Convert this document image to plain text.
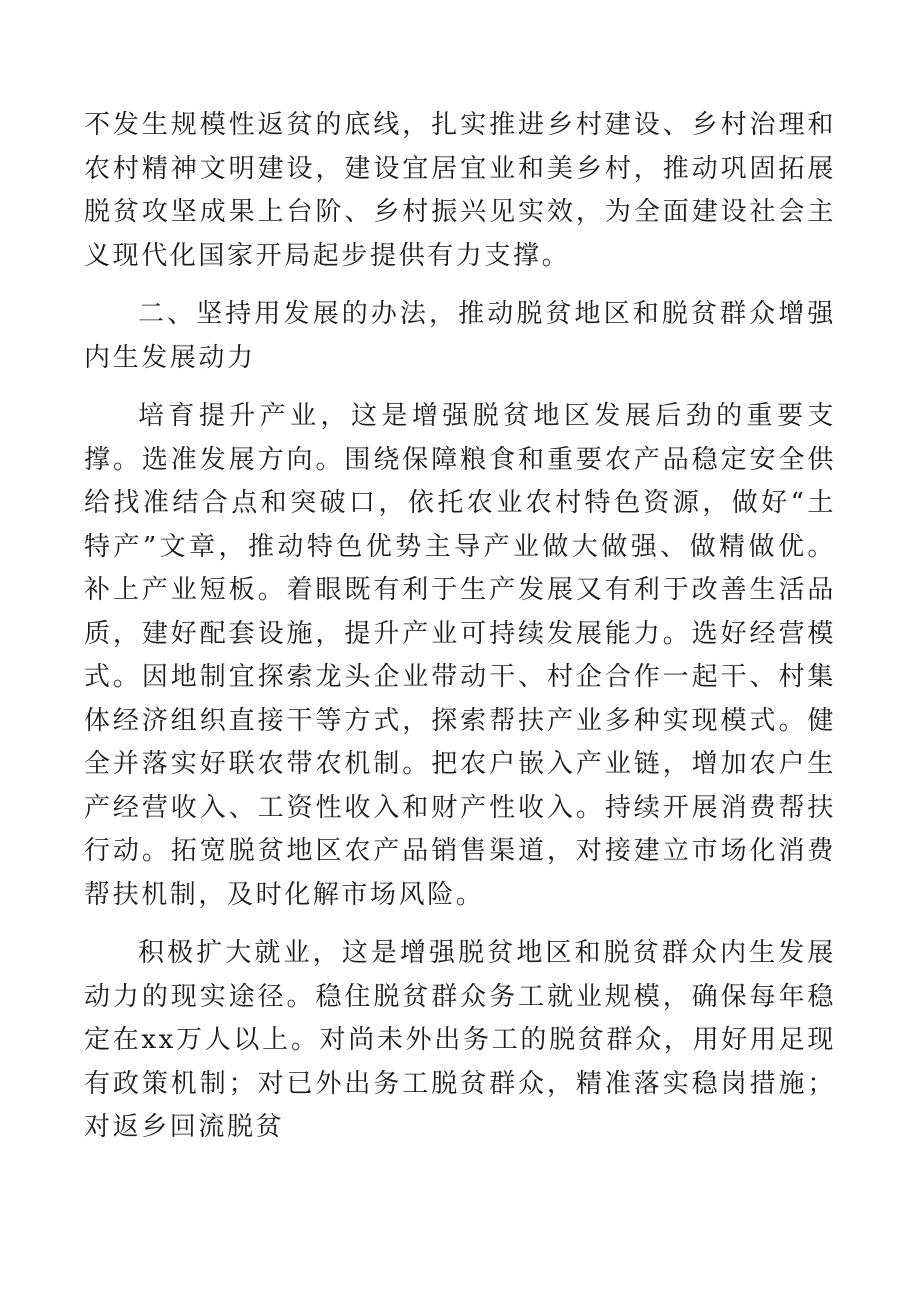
不发生规模性返贫的底线，扎实推进乡村建设、乡村治理和农村精神文明建设，建设宜居宜业和美乡村，推动巩固拓展脱贫攻坚成果上台阶、乡村振兴见实效，为全面建设社会主义现代化国家开局起步提供有力支撑。

二、坚持用发展的办法，推动脱贫地区和脱贫群众增强内生发展动力

培育提升产业，这是增强脱贫地区发展后劲的重要支撑。选准发展方向。围绕保障粮食和重要农产品稳定安全供给找准结合点和突破口，依托农业农村特色资源，做好“土特产”文章，推动特色优势主导产业做大做强、做精做优。补上产业短板。着眼既有利于生产发展又有利于改善生活品质，建好配套设施，提升产业可持续发展能力。选好经营模式。因地制宜探索龙头企业带动干、村企合作一起干、村集体经济组织直接干等方式，探索帮扶产业多种实现模式。健全并落实好联农带农机制。把农户嵌入产业链，增加农户生产经营收入、工资性收入和财产性收入。持续开展消费帮扶行动。拓宽脱贫地区农产品销售渠道，对接建立市场化消费帮扶机制，及时化解市场风险。

积极扩大就业，这是增强脱贫地区和脱贫群众内生发展动力的现实途径。稳住脱贫群众务工就业规模，确保每年稳定在xx万人以上。对尚未外出务工的脱贫群众，用好用足现有政策机制；对已外出务工脱贫群众，精准落实稳岗措施；对返乡回流脱贫
